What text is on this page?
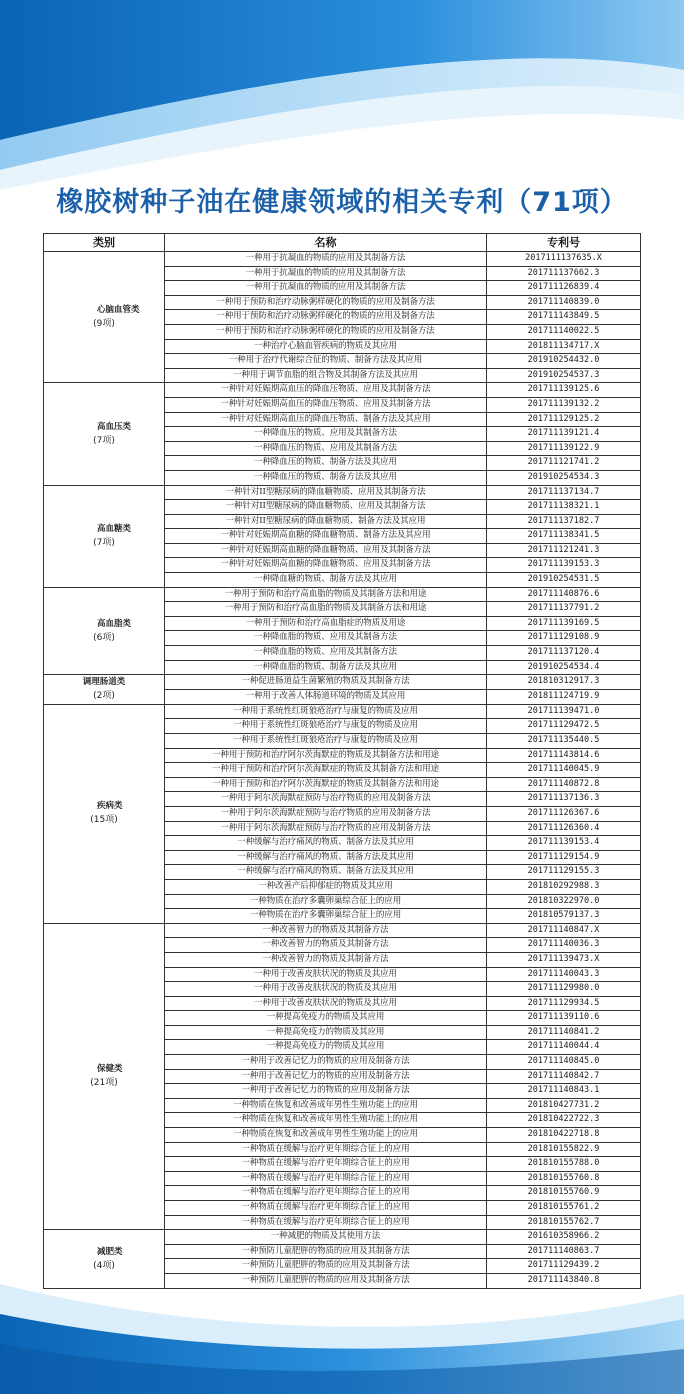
橡胶树种子油在健康领域的相关专利（71项）
类别	名称	专利号

心脑血管类
(9项)	一种用于抗凝血的物质的应用及其制备方法	2017111137635.X
	一种用于抗凝血的物质的应用及其制备方法	201711137662.3
	一种用于抗凝血的物质的应用及其制备方法	201711126839.4
	一种用于预防和治疗动脉粥样硬化的物质的应用及制备方法	201711140839.0
	一种用于预防和治疗动脉粥样硬化的物质的应用及制备方法	201711143849.5
	一种用于预防和治疗动脉粥样硬化的物质的应用及制备方法	201711140022.5
	一种治疗心脑血管疾病的物质及其应用	201811134717.X
	一种用于治疗代谢综合征的物质、制备方法及其应用	201910254432.0
	一种用于调节血脂的组合物及其制备方法及其应用	201910254537.3

高血压类
(7项)	一种针对妊娠期高血压的降血压物质、应用及其制备方法	201711139125.6
	一种针对妊娠期高血压的降血压物质、应用及其制备方法	201711139132.2
	一种针对妊娠期高血压的降血压物质、制备方法及其应用	201711129125.2
	一种降血压的物质、应用及其制备方法	201711139121.4
	一种降血压的物质、应用及其制备方法	201711139122.9
	一种降血压的物质、制备方法及其应用	201711121741.2
	一种降血压的物质、制备方法及其应用	201910254534.3

高血糖类
(7项)	一种针对II型糖尿病的降血糖物质、应用及其制备方法	201711137134.7
	一种针对II型糖尿病的降血糖物质、应用及其制备方法	201711138321.1
	一种针对II型糖尿病的降血糖物质、制备方法及其应用	201711137182.7
	一种针对妊娠期高血糖的降血糖物质、制备方法及其应用	201711138341.5
	一种针对妊娠期高血糖的降血糖物质、应用及其制备方法	201711121241.3
	一种针对妊娠期高血糖的降血糖物质、应用及其制备方法	201711139153.3
	一种降血糖的物质、制备方法及其应用	201910254531.5

高血脂类
(6项)	一种用于预防和治疗高血脂的物质及其制备方法和用途	201711140876.6
	一种用于预防和治疗高血脂的物质及其制备方法和用途	201711137791.2
	一种用于预防和治疗高血脂症的物质及用途	201711139169.5
	一种降血脂的物质、应用及其制备方法	201711129108.9
	一种降血脂的物质、应用及其制备方法	201711137120.4
	一种降血脂的物质、制备方法及其应用	201910254534.4

调理肠道类
(2项)	一种促进肠道益生菌繁殖的物质及其制备方法	201810312917.3
	一种用于改善人体肠道环境的物质及其应用	201811124719.9

疾病类
(15项)	一种用于系统性红斑狼疮治疗与康复的物质及应用	201711139471.0
	一种用于系统性红斑狼疮治疗与康复的物质及应用	201711129472.5
	一种用于系统性红斑狼疮治疗与康复的物质及应用	201711135440.5
	一种用于预防和治疗阿尔茨海默症的物质及其制备方法和用途	201711143814.6
	一种用于预防和治疗阿尔茨海默症的物质及其制备方法和用途	201711140045.9
	一种用于预防和治疗阿尔茨海默症的物质及其制备方法和用途	201711140872.8
	一种用于阿尔茨海默症预防与治疗物质的应用及制备方法	201711137136.3
	一种用于阿尔茨海默症预防与治疗物质的应用及制备方法	201711126367.6
	一种用于阿尔茨海默症预防与治疗物质的应用及制备方法	201711126360.4
	一种缓解与治疗痛风的物质、制备方法及其应用	201711139153.4
	一种缓解与治疗痛风的物质、制备方法及其应用	201711129154.9
	一种缓解与治疗痛风的物质、制备方法及其应用	201711129155.3
	一种改善产后抑郁症的物质及其应用	201810292988.3
	一种物质在治疗多囊卵巢综合征上的应用	201810322970.0
	一种物质在治疗多囊卵巢综合征上的应用	201810579137.3

保健类
(21项)	一种改善智力的物质及其制备方法	201711140847.X
	一种改善智力的物质及其制备方法	201711140036.3
	一种改善智力的物质及其制备方法	201711139473.X
	一种用于改善皮肤状况的物质及其应用	201711140043.3
	一种用于改善皮肤状况的物质及其应用	201711129980.0
	一种用于改善皮肤状况的物质及其应用	201711129934.5
	一种提高免疫力的物质及其应用	201711139110.6
	一种提高免疫力的物质及其应用	201711140841.2
	一种提高免疫力的物质及其应用	201711140044.4
	一种用于改善记忆力的物质的应用及制备方法	201711140845.0
	一种用于改善记忆力的物质的应用及制备方法	201711140842.7
	一种用于改善记忆力的物质的应用及制备方法	201711140843.1
	一种物质在恢复和改善成年男性生殖功能上的应用	201810427731.2
	一种物质在恢复和改善成年男性生殖功能上的应用	201810422722.3
	一种物质在恢复和改善成年男性生殖功能上的应用	201810422718.8
	一种物质在缓解与治疗更年期综合征上的应用	201810155822.9
	一种物质在缓解与治疗更年期综合征上的应用	201810155788.0
	一种物质在缓解与治疗更年期综合征上的应用	201810155760.8
	一种物质在缓解与治疗更年期综合征上的应用	201810155760.9
	一种物质在缓解与治疗更年期综合征上的应用	201810155761.2
	一种物质在缓解与治疗更年期综合征上的应用	201810155762.7

减肥类
(4项)	一种减肥的物质及其使用方法	201610358966.2
	一种预防儿童肥胖的物质的应用及其制备方法	201711140863.7
	一种预防儿童肥胖的物质的应用及其制备方法	201711129439.2
	一种预防儿童肥胖的物质的应用及其制备方法	201711143840.8
